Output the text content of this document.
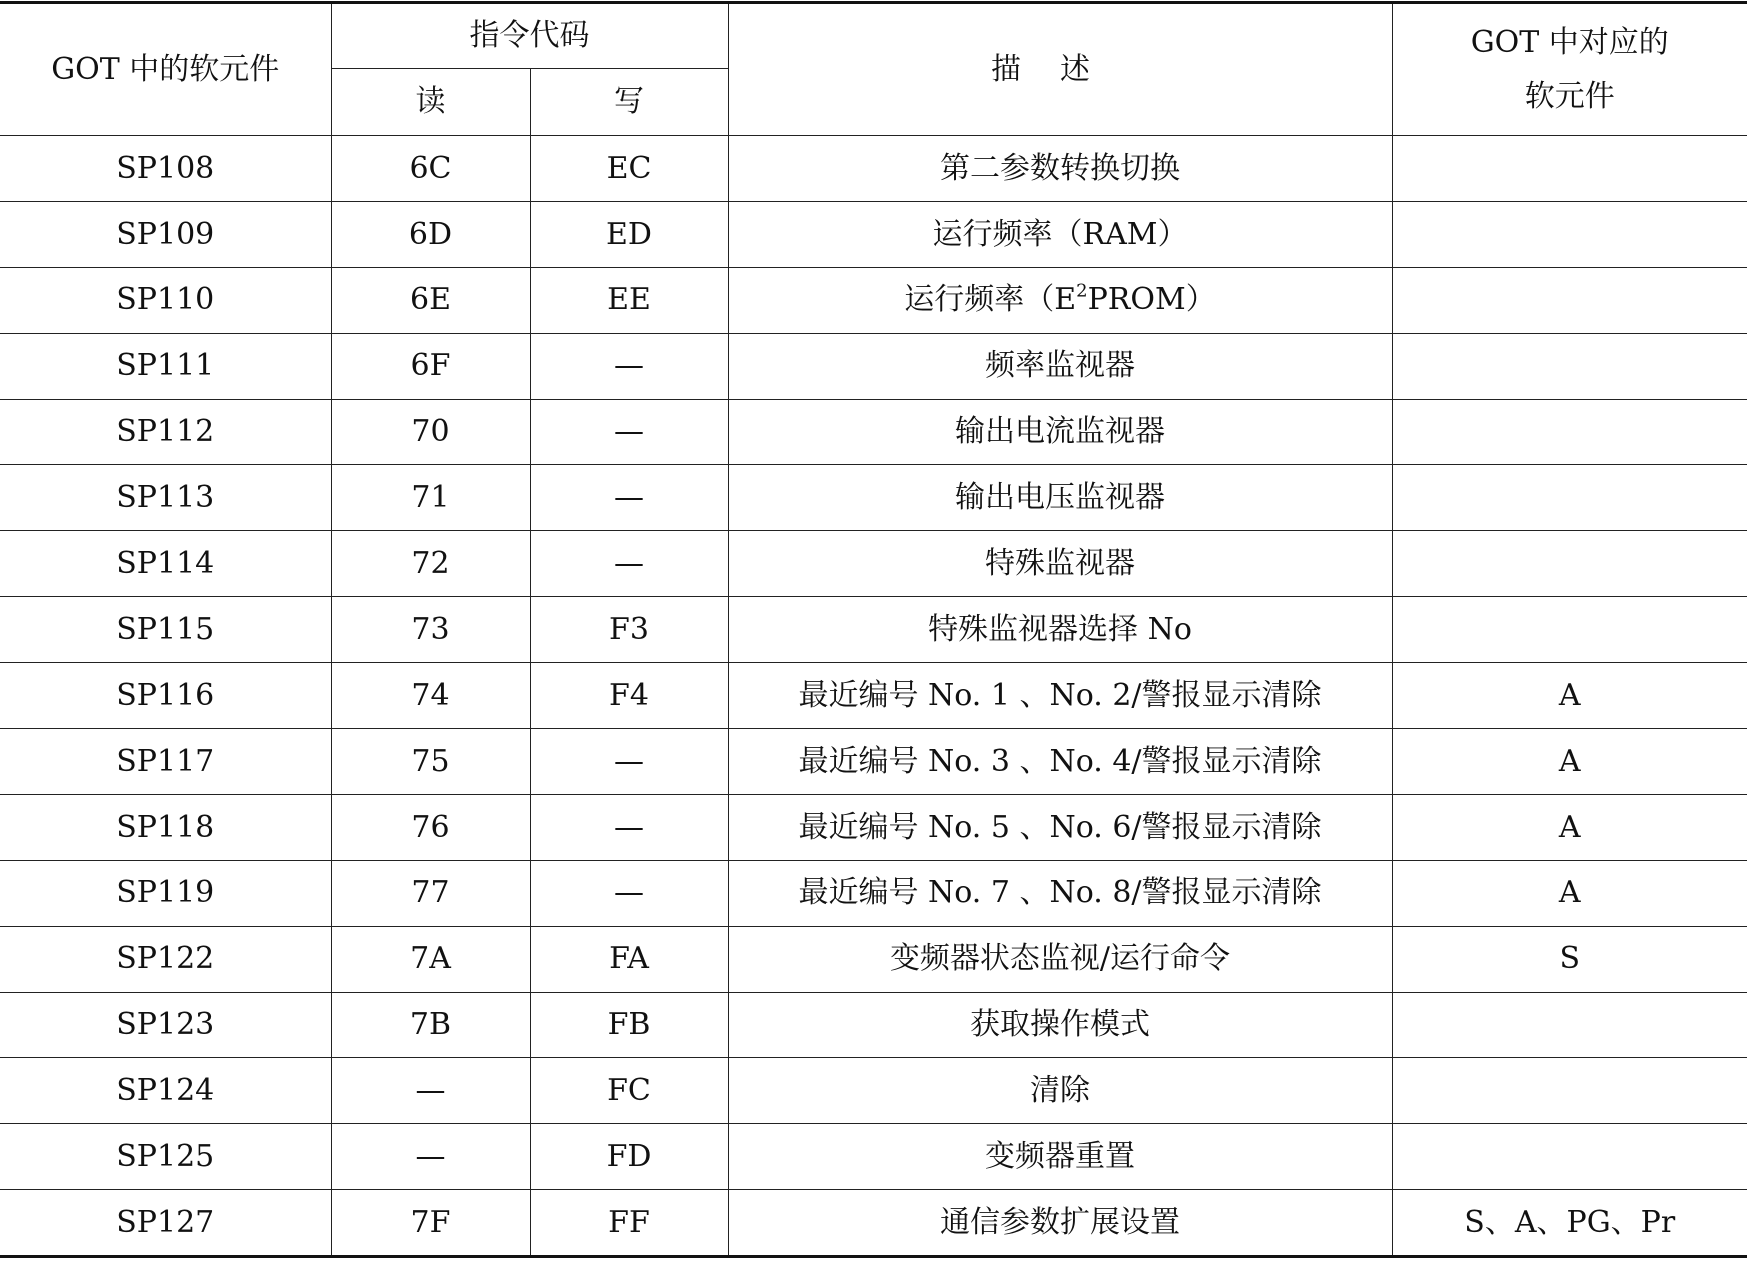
GOT 中的软元件	指令代码		描述	GOT 中对应的
软元件

	读	写		
SP108	6C	EC	第二参数转换切换	
SP109	6D	ED	运行频率（RAM）	
SP110	6E	EE	运行频率$(E^2PROM)$	
SP111	6F	—	频率监视器	
SP112	70	—	输出电流监视器	
SP113	71	—	输出电压监视器	
SP114	72	—	特殊监视器	
SP115	73	F3	特殊监视器选择 No	
SP116	74	F4	最近编号 No. 1 、No. 2/警报显示清除	A
SP117	75	—	最近编号 No. 3 、No. 4/警报显示清除	A
SP118	76	—	最近编号 No. 5 、No. 6/警报显示清除	A
SP119	77	—	最近编号 No. 7 、No. 8/警报显示清除	A
SP122	7A	FA	变频器状态监视/运行命令	S
SP123	7B	FB	获取操作模式	
SP124	—	FC	清除	
SP125	—	FD	变频器重置	
SP127	7F	FF	通信参数扩展设置	S、A、PG、Pr
